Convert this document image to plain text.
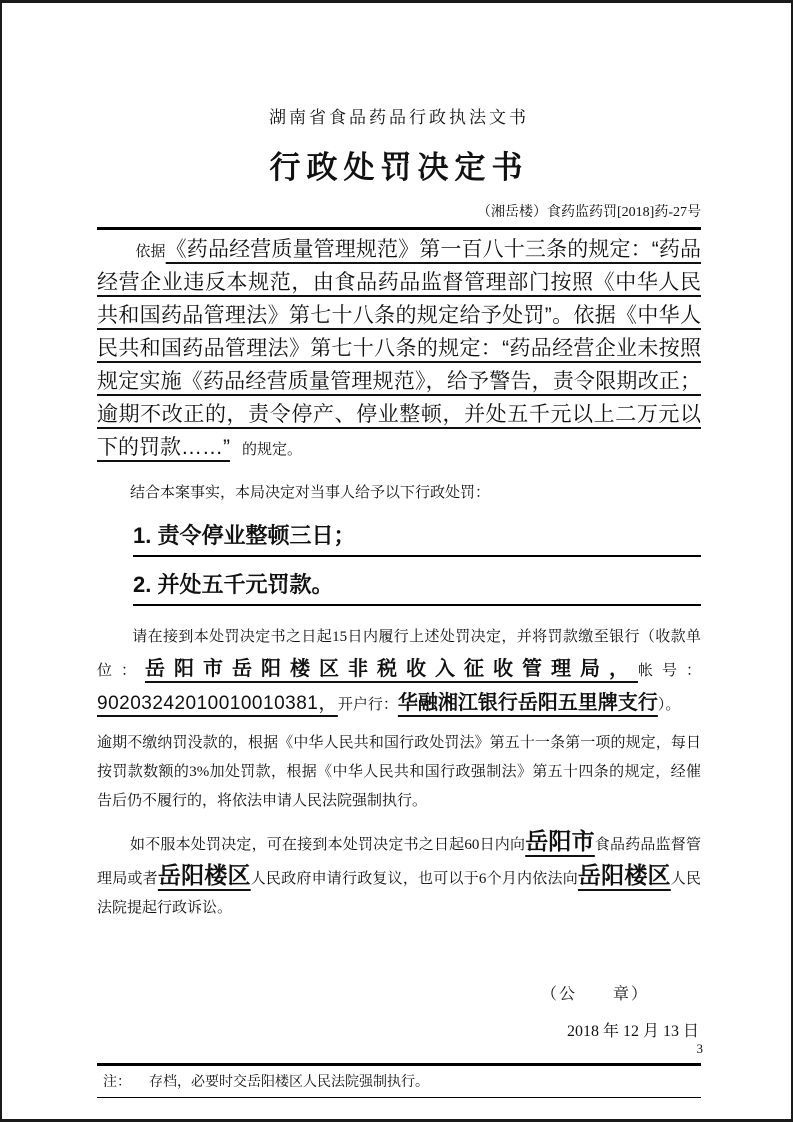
湖南省食品药品行政执法文书
行政处罚决定书
（湘岳楼）食药监药罚[2018]药-27号

依据《药品经营质量管理规范》第一百八十三条的规定：“药品经营企业违反本规范，由食品药品监督管理部门按照《中华人民共和国药品管理法》第七十八条的规定给予处罚”。依据《中华人民共和国药品管理法》第七十八条的规定：“药品经营企业未按照规定实施《药品经营质量管理规范》，给予警告，责令限期改正；逾期不改正的，责令停产、停业整顿，并处五千元以上二万元以下的罚款……” 的规定。

结合本案事实，本局决定对当事人给予以下行政处罚：

1. 责令停业整顿三日；
2. 并处五千元罚款。

请在接到本处罚决定书之日起15日内履行上述处罚决定，并将罚款缴至银行（收款单位：岳阳市岳阳楼区非税收入征收管理局，帐号：90203242010010010381，开户行：华融湘江银行岳阳五里牌支行）。

逾期不缴纳罚没款的，根据《中华人民共和国行政处罚法》第五十一条第一项的规定，每日按罚款数额的3%加处罚款，根据《中华人民共和国行政强制法》第五十四条的规定，经催告后仍不履行的，将依法申请人民法院强制执行。

如不服本处罚决定，可在接到本处罚决定书之日起60日内向岳阳市食品药品监督管理局或者岳阳楼区人民政府申请行政复议，也可以于6个月内依法向岳阳楼区人民法院提起行政诉讼。

（公　　章）
2018 年 12 月 13 日
注： 存档，必要时交岳阳楼区人民法院强制执行。
3
